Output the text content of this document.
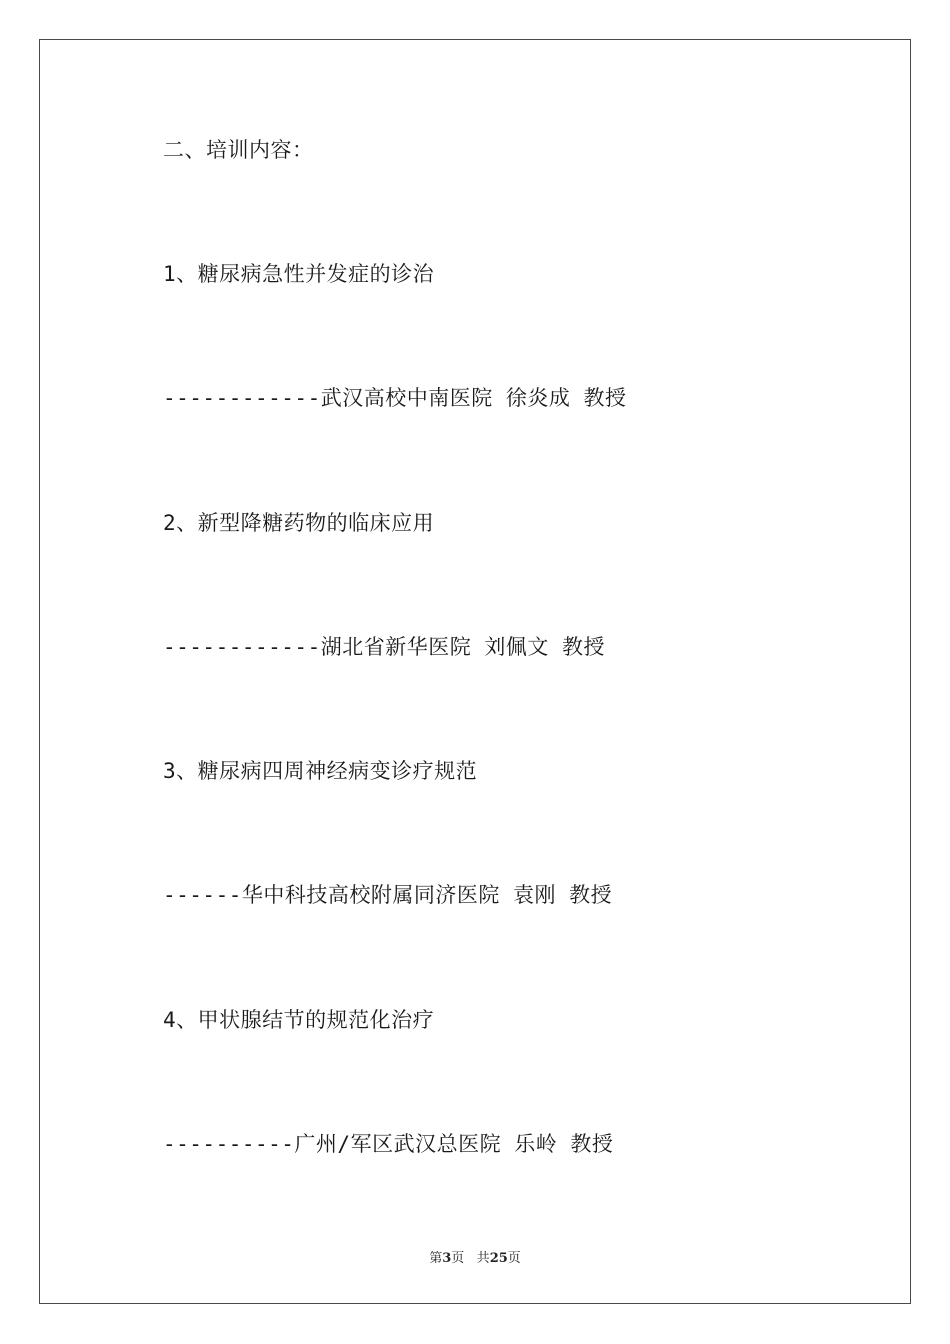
二、培训内容：
1、糖尿病急性并发症的诊治
------------武汉高校中南医院 徐炎成 教授
2、新型降糖药物的临床应用
------------湖北省新华医院 刘佩文 教授
3、糖尿病四周神经病变诊疗规范
------华中科技高校附属同济医院 袁刚 教授
4、甲状腺结节的规范化治疗
----------广州/军区武汉总医院 乐岭 教授
第3页 共25页
